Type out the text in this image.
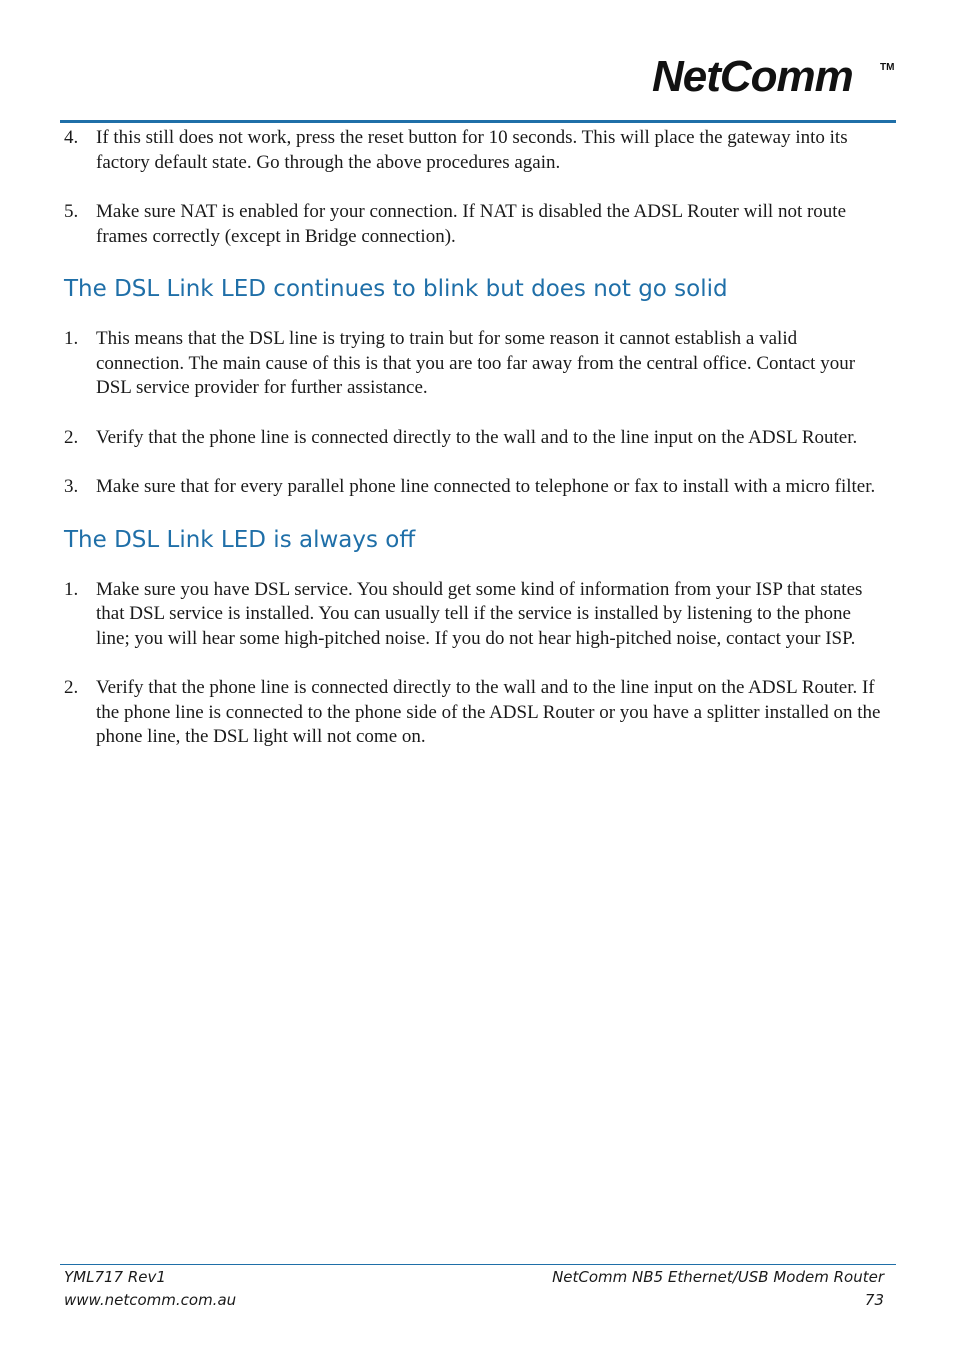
NetComm	TM
4. If this still does not work, press the reset button for 10 seconds. This will place the gateway into its factory default state. Go through the above procedures again.
5. Make sure NAT is enabled for your connection. If NAT is disabled the ADSL Router will not route frames correctly (except in Bridge connection).
The DSL Link LED continues to blink but does not go solid
1. This means that the DSL line is trying to train but for some reason it cannot establish a valid connection. The main cause of this is that you are too far away from the central office. Contact your DSL service provider for further assistance.
2. Verify that the phone line is connected directly to the wall and to the line input on the ADSL Router.
3. Make sure that for every parallel phone line connected to telephone or fax to install with a micro filter.
The DSL Link LED is always off
1. Make sure you have DSL service. You should get some kind of information from your ISP that states that DSL service is installed. You can usually tell if the service is installed by listening to the phone line; you will hear some high-pitched noise. If you do not hear high-pitched noise, contact your ISP.
2. Verify that the phone line is connected directly to the wall and to the line input on the ADSL Router. If the phone line is connected to the phone side of the ADSL Router or you have a splitter installed on the phone line, the DSL light will not come on.
YML717 Rev1
www.netcomm.com.au
NetComm NB5 Ethernet/USB Modem Router
73
